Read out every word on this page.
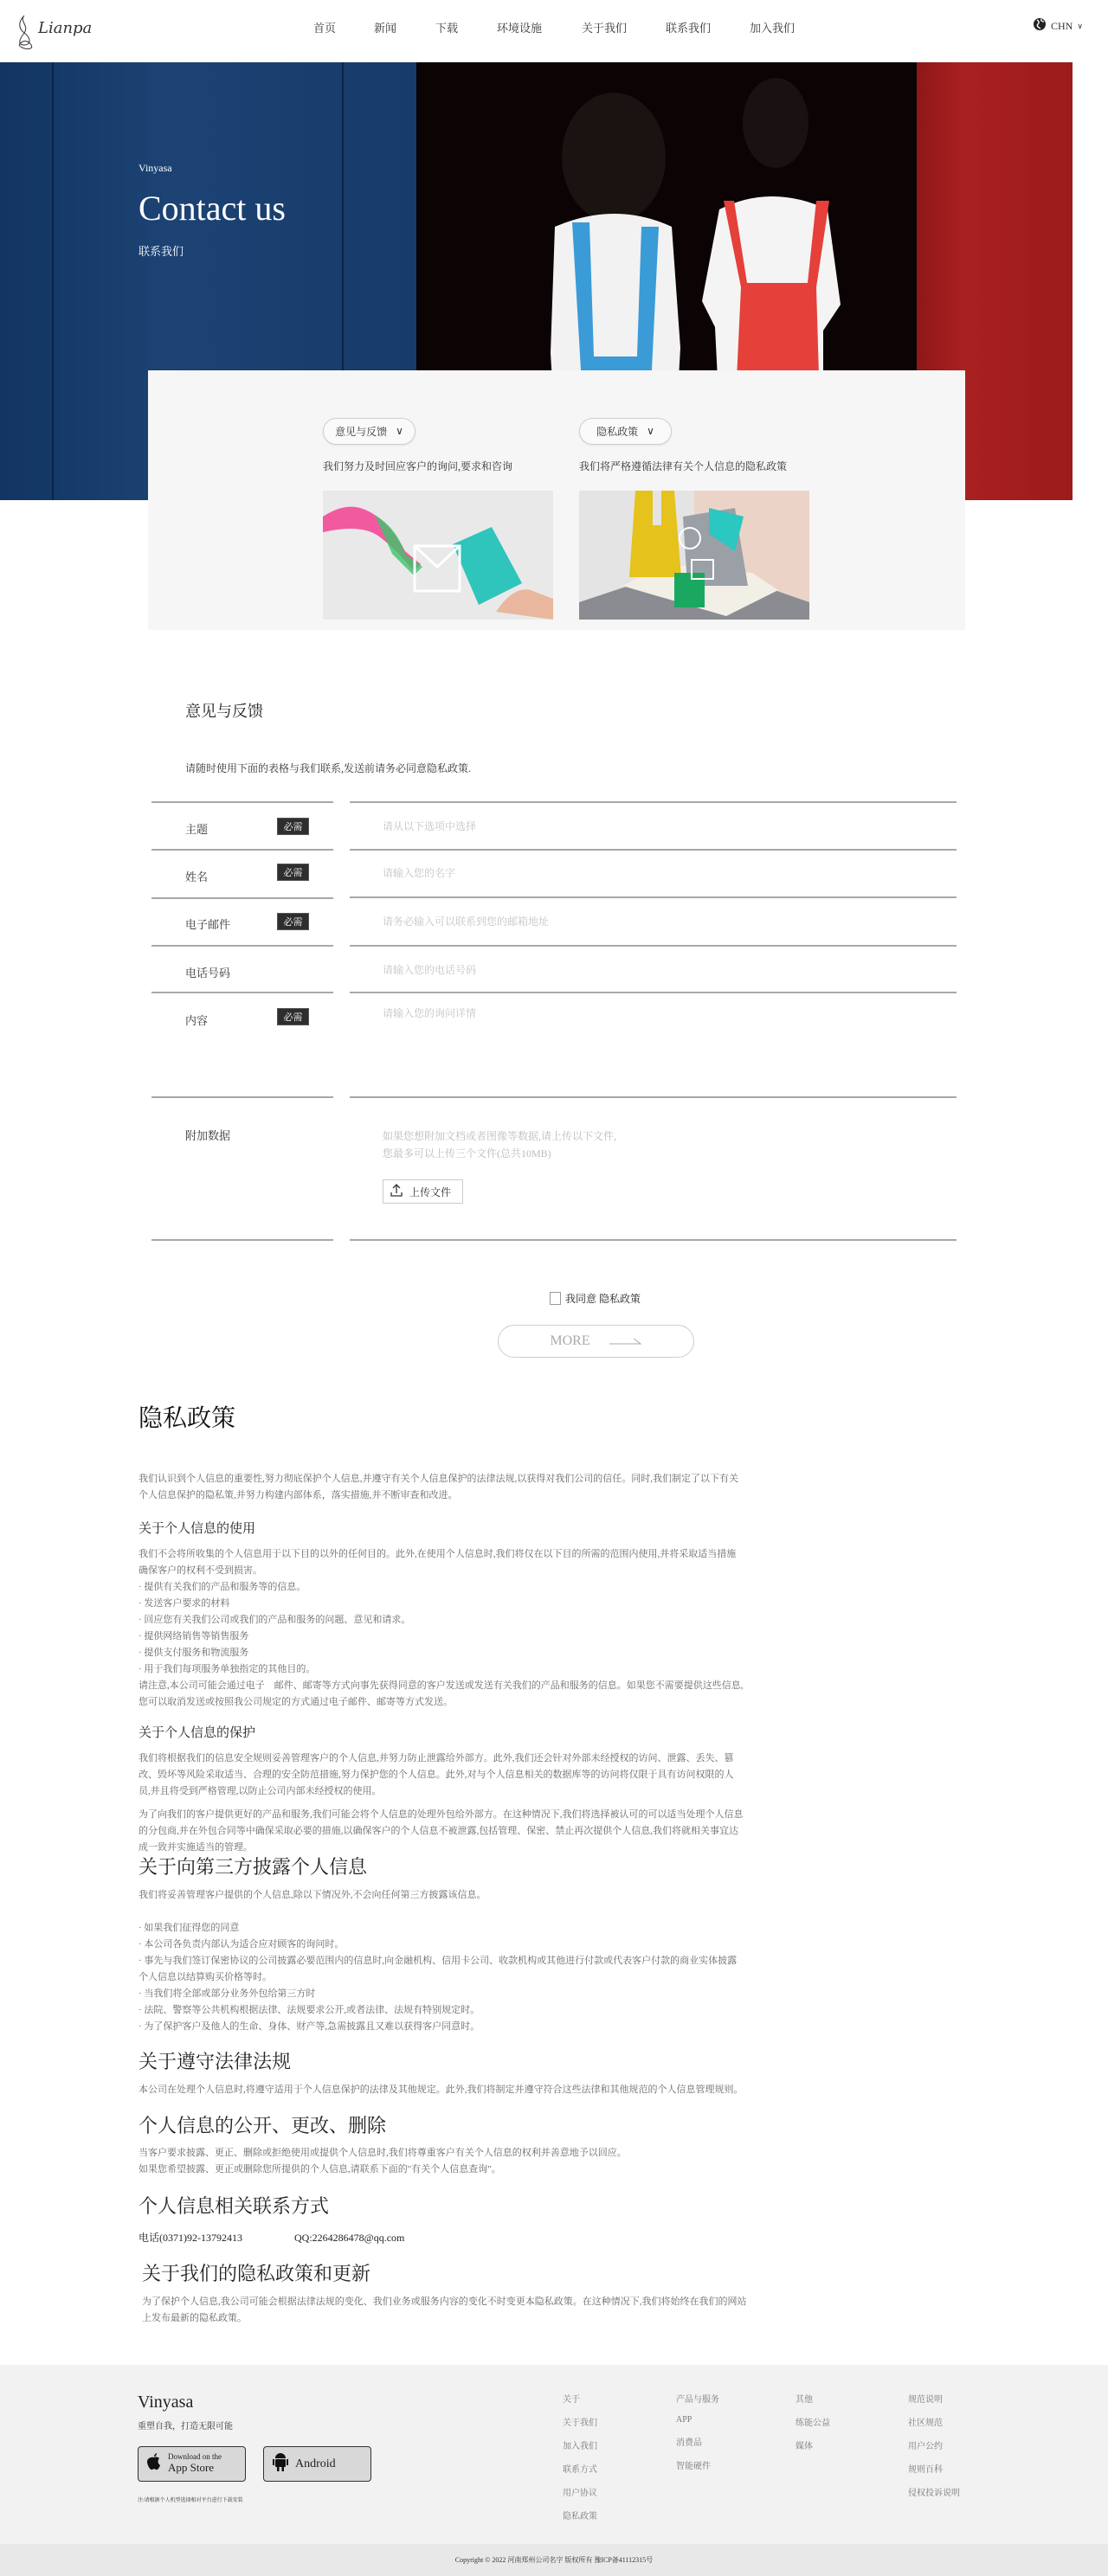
Lianpa	首页	新闻	下载	环境设施	关于我们	联系我们	加入我们	CHN ∨
Vinyasa
Contact us
联系我们
意见与反馈 ∨
我们努力及时回应客户的询问,要求和咨询
隐私政策 ∨
我们将严格遵循法律有关个人信息的隐私政策
意见与反馈
请随时使用下面的表格与我们联系,发送前请务必同意隐私政策.
主题	必需
请从以下选项中选择
姓名	必需
请输入您的名字
电子邮件	必需
请务必输入可以联系到您的邮箱地址
电话号码
请输入您的电话号码
内容	必需
请输入您的询问详情
附加数据	如果您想附加文档或者图像等数据,请上传以下文件,
您最多可以上传三个文件(总共10MB)
上传文件
我同意 隐私政策
MORE
隐私政策
我们认识到个人信息的重要性,努力彻底保护个人信息,并遵守有关个人信息保护的法律法规,以获得对我们公司的信任。同时,我们制定了以下有关个人信息保护的隐私策,并努力构建内部体系，落实措施,并不断审查和改进。
关于个人信息的使用
我们不会将所收集的个人信息用于以下目的以外的任何目的。此外,在使用个人信息时,我们将仅在以下目的所需的范围内使用,并将采取适当措施确保客户的权利不受到损害。
· 提供有关我们的产品和服务等的信息。
· 发送客户要求的材料
· 回应您有关我们公司或我们的产品和服务的问题、意见和请求。
· 提供网络销售等销售服务
· 提供支付服务和物流服务
· 用于我们每项服务单独指定的其他目的。
请注意,本公司可能会通过电子　邮件、邮寄等方式向事先获得同意的客户发送或发送有关我们的产品和服务的信息。如果您不需要提供这些信息,您可以取消发送或按照我公司规定的方式通过电子邮件、邮寄等方式发送。
关于个人信息的保护
我们将根据我们的信息安全规则妥善管理客户的个人信息,并努力防止泄露给外部方。此外,我们还会针对外部未经授权的访问、泄露、丢失、篡改、毁坏等风险采取适当、合理的安全防范措施,努力保护您的个人信息。此外,对与个人信息相关的数据库等的访问将仅限于具有访问权限的人员,并且将受到严格管理,以防止公司内部未经授权的使用。
为了向我们的客户提供更好的产品和服务,我们可能会将个人信息的处理外包给外部方。在这种情况下,我们将选择被认可的可以适当处理个人信息的分包商,并在外包合同等中确保采取必要的措施,以确保客户的个人信息不被泄露,包括管理、保密、禁止再次提供个人信息,我们将就相关事宜达成一致并实施适当的管理。
关于向第三方披露个人信息
我们将妥善管理客户提供的个人信息,除以下情况外,不会向任何第三方披露该信息。
· 如果我们征得您的同意
· 本公司各负责内部认为适合应对顾客的询问时。
· 事先与我们签订保密协议的公司披露必要范围内的信息时,向金融机构、信用卡公司、收款机构或其他进行付款或代表客户付款的商业实体披露个人信息以结算购买价格等时。
· 当我们将全部或部分业务外包给第三方时
· 法院、警察等公共机构根据法律、法规要求公开,或者法律、法规有特别规定时。
· 为了保护客户及他人的生命、身体、财产等,急需披露且又难以获得客户同意时。
关于遵守法律法规
本公司在处理个人信息时,将遵守适用于个人信息保护的法律及其他规定。此外,我们将制定并遵守符合这些法律和其他规范的个人信息管理规则。
个人信息的公开、更改、删除
当客户要求披露、更正、删除或拒绝使用或提供个人信息时,我们将尊重客户有关个人信息的权利并善意地予以回应。
如果您希望披露、更正或删除您所提供的个人信息,请联系下面的"有关个人信息查询"。
个人信息相关联系方式
电话(0371)92-13792413	QQ:2264286478@qq.com
关于我们的隐私政策和更新
为了保护个人信息,我公司可能会根据法律法规的变化、我们业务或服务内容的变化不时变更本隐私政策。在这种情况下,我们将始终在我们的网站上发布最新的隐私政策。
Vinyasa
重塑自我，打造无限可能
Download on the
App Store	Android
注:请根据个人机型选择相对平台进行下载安装
关于
关于我们
加入我们
联系方式
用户协议
隐私政策
产品与服务
APP
消费品
智能硬件
其他
练能公益
媒体
规范说明
社区规范
用户公约
规则百科
侵权投诉说明
Copyright © 2022 河南郑州公司名字 版权所有 豫ICP备41112315号
